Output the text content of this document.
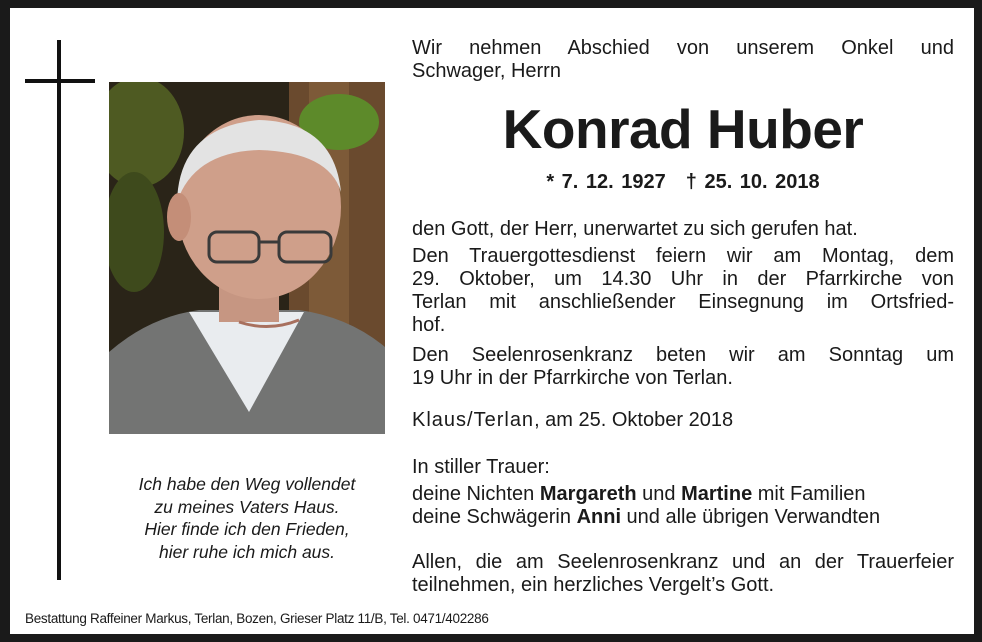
Ich habe den Weg vollendet
zu meines Vaters Haus.
Hier finde ich den Frieden,
hier ruhe ich mich aus.
Wir nehmen Abschied von unserem Onkel und
Schwager, Herrn
Konrad Huber
* 7. 12. 1927 † 25. 10. 2018
den Gott, der Herr, unerwartet zu sich gerufen hat.
Den Trauergottesdienst feiern wir am Montag, dem
29. Oktober, um 14.30 Uhr in der Pfarrkirche von
Terlan mit anschließender Einsegnung im Ortsfried-
hof.
Den Seelenrosenkranz beten wir am Sonntag um
19 Uhr in der Pfarrkirche von Terlan.
Klaus/Terlan, am 25. Oktober 2018
In stiller Trauer:
deine Nichten Margareth und Martine mit Familien
deine Schwägerin Anni und alle übrigen Verwandten
Allen, die am Seelenrosenkranz und an der Trauerfeier
teilnehmen, ein herzliches Vergelt’s Gott.
Bestattung Raffeiner Markus, Terlan, Bozen, Grieser Platz 11/B, Tel. 0471/402286
